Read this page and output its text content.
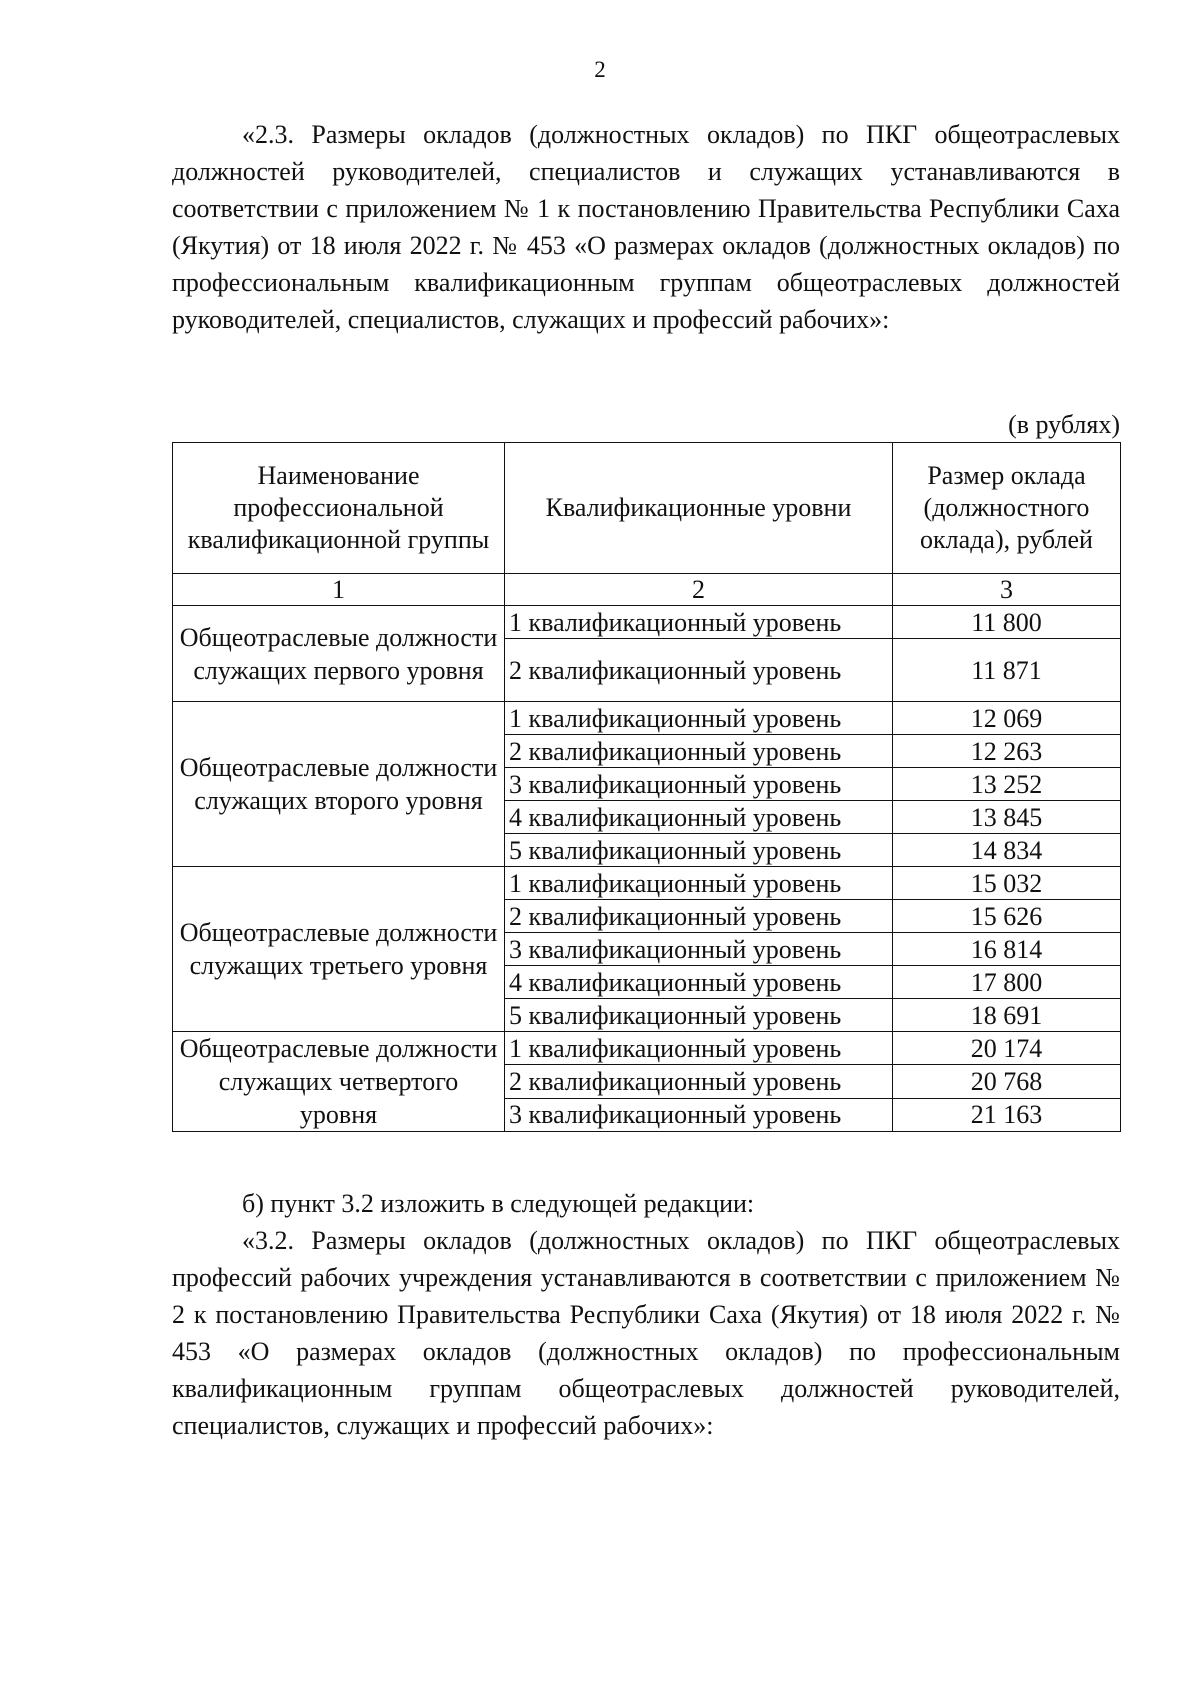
2

«2.3. Размеры окладов (должностных окладов) по ПКГ общеотраслевых должностей руководителей, специалистов и служащих устанавливаются в соответствии с приложением № 1 к постановлению Правительства Республики Саха (Якутия) от 18 июля 2022 г. № 453 «О размерах окладов (должностных окладов) по профессиональным квалификационным группам общеотраслевых должностей руководителей, специалистов, служащих и профессий рабочих»:

(в рублях)
Наименование профессиональной квалификационной группы	Квалификационные уровни	Размер оклада (должностного оклада), рублей
1	2	3
Общеотраслевые должности служащих первого уровня	1 квалификационный уровень	11 800
	2 квалификационный уровень	11 871
Общеотраслевые должности служащих второго уровня	1 квалификационный уровень	12 069
	2 квалификационный уровень	12 263
	3 квалификационный уровень	13 252
	4 квалификационный уровень	13 845
	5 квалификационный уровень	14 834
Общеотраслевые должности служащих третьего уровня	1 квалификационный уровень	15 032
	2 квалификационный уровень	15 626
	3 квалификационный уровень	16 814
	4 квалификационный уровень	17 800
	5 квалификационный уровень	18 691
Общеотраслевые должности служащих четвертого уровня	1 квалификационный уровень	20 174
	2 квалификационный уровень	20 768
	3 квалификационный уровень	21 163

б) пункт 3.2 изложить в следующей редакции:

«3.2. Размеры окладов (должностных окладов) по ПКГ общеотраслевых профессий рабочих учреждения устанавливаются в соответствии с приложением № 2 к постановлению Правительства Республики Саха (Якутия) от 18 июля 2022 г. № 453 «О размерах окладов (должностных окладов) по профессиональным квалификационным группам общеотраслевых должностей руководителей, специалистов, служащих и профессий рабочих»:
